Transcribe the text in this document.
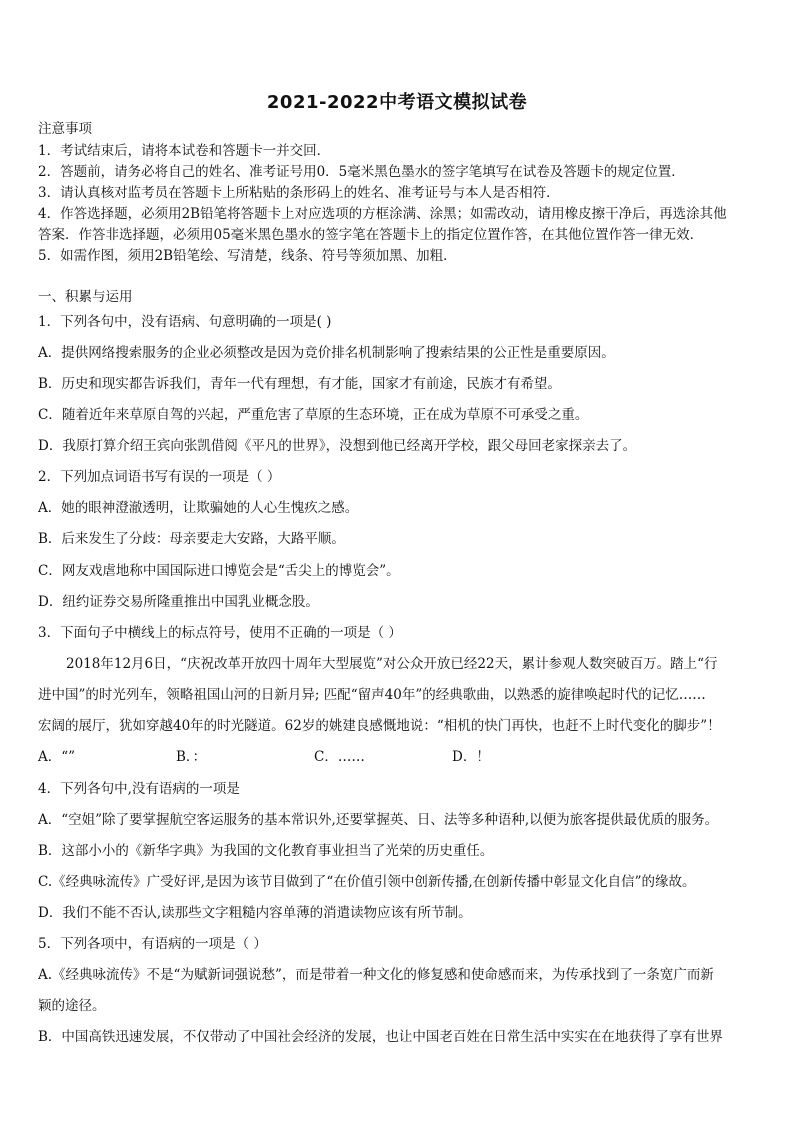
2021-2022中考语文模拟试卷
注意事项
1．考试结束后，请将本试卷和答题卡一并交回．
2．答题前，请务必将自己的姓名、准考证号用0．5毫米黑色墨水的签字笔填写在试卷及答题卡的规定位置．
3．请认真核对监考员在答题卡上所粘贴的条形码上的姓名、准考证号与本人是否相符．
4．作答选择题，必须用2B铅笔将答题卡上对应选项的方框涂满、涂黑；如需改动，请用橡皮擦干净后，再选涂其他
答案．作答非选择题，必须用05毫米黑色墨水的签字笔在答题卡上的指定位置作答，在其他位置作答一律无效．
5．如需作图，须用2B铅笔绘、写清楚，线条、符号等须加黑、加粗．
一、积累与运用
1．下列各句中，没有语病、句意明确的一项是( )
A．提供网络搜索服务的企业必须整改是因为竞价排名机制影响了搜索结果的公正性是重要原因。
B．历史和现实都告诉我们，青年一代有理想，有才能，国家才有前途，民族才有希望。
C．随着近年来草原自驾的兴起，严重危害了草原的生态环境，正在成为草原不可承受之重。
D．我原打算介绍王宾向张凯借阅《平凡的世界》，没想到他已经离开学校，跟父母回老家探亲去了。
2．下列加点词语书写有误的一项是（ ）
A．她的眼神澄澈透明，让欺骗她的人心生愧疚之感。
B．后来发生了分歧：母亲要走大安路，大路平顺。
C．网友戏虐地称中国国际进口博览会是“舌尖上的博览会”。
D．纽约证券交易所隆重推出中国乳业概念股。
3．下面句子中横线上的标点符号，使用不正确的一项是（ ）
2018年12月6日，“庆祝改革开放四十周年大型展览”对公众开放已经22天，累计参观人数突破百万。踏上“行
进中国”的时光列车，领略祖国山河的日新月异; 匹配“留声40年”的经典歌曲，以熟悉的旋律唤起时代的记忆……
宏阔的展厅，犹如穿越40年的时光隧道。62岁的姚建良感慨地说：“相机的快门再快，也赶不上时代变化的脚步”！
A．“”	B．：	C．……	D．！
4．下列各句中,没有语病的一项是
A．“空姐”除了要掌握航空客运服务的基本常识外,还要掌握英、日、法等多种语种,以便为旅客提供最优质的服务。
B．这部小小的《新华字典》为我国的文化教育事业担当了光荣的历史重任。
C.《经典咏流传》广受好评,是因为该节目做到了“在价值引领中创新传播,在创新传播中彰显文化自信”的缘故。
D．我们不能不否认,读那些文字粗糙内容单薄的消遣读物应该有所节制。
5．下列各项中，有语病的一项是（ ）
A.《经典咏流传》不是“为赋新词强说愁”，而是带着一种文化的修复感和使命感而来，为传承找到了一条宽广而新
颖的途径。
B．中国高铁迅速发展，不仅带动了中国社会经济的发展，也让中国老百姓在日常生活中实实在在地获得了享有世界
